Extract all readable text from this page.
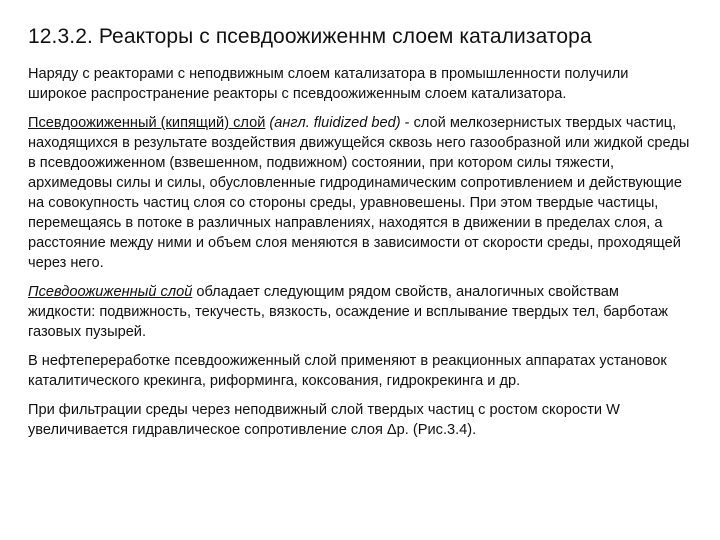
12.3.2. Реакторы с псевдоожиженнм слоем катализатора

Наряду с реакторами с неподвижным слоем катализатора в промышленности получили широкое распространение реакторы с псевдоожиженным слоем катализатора.

Псевдоожиженный (кипящий) слой (англ. fluidized bed) - слой мелкозернистых твердых частиц, находящихся в результате воздействия движущейся сквозь него газообразной или жидкой среды в псевдоожиженном (взвешенном, подвижном) состоянии, при котором силы тяжести, архимедовы силы и силы, обусловленные гидродинамическим сопротивлением и действующие на совокупность частиц слоя со стороны среды, уравновешены. При этом твердые частицы, перемещаясь в потоке в различных направлениях, находятся в движении в пределах слоя, а расстояние между ними и объем слоя меняются в зависимости от скорости среды, проходящей через него.

Псевдоожиженный слой обладает следующим рядом свойств, аналогичных свойствам жидкости: подвижность, текучесть, вязкость, осаждение и всплывание твердых тел, барботаж газовых пузырей.

В нефтепереработке псевдоожиженный слой применяют в реакционных аппаратах установок каталитического крекинга, риформинга, коксования, гидрокрекинга и др.

При фильтрации среды через неподвижный слой твердых частиц с ростом скорости W увеличивается гидравлическое сопротивление слоя Δр. (Рис.3.4).
